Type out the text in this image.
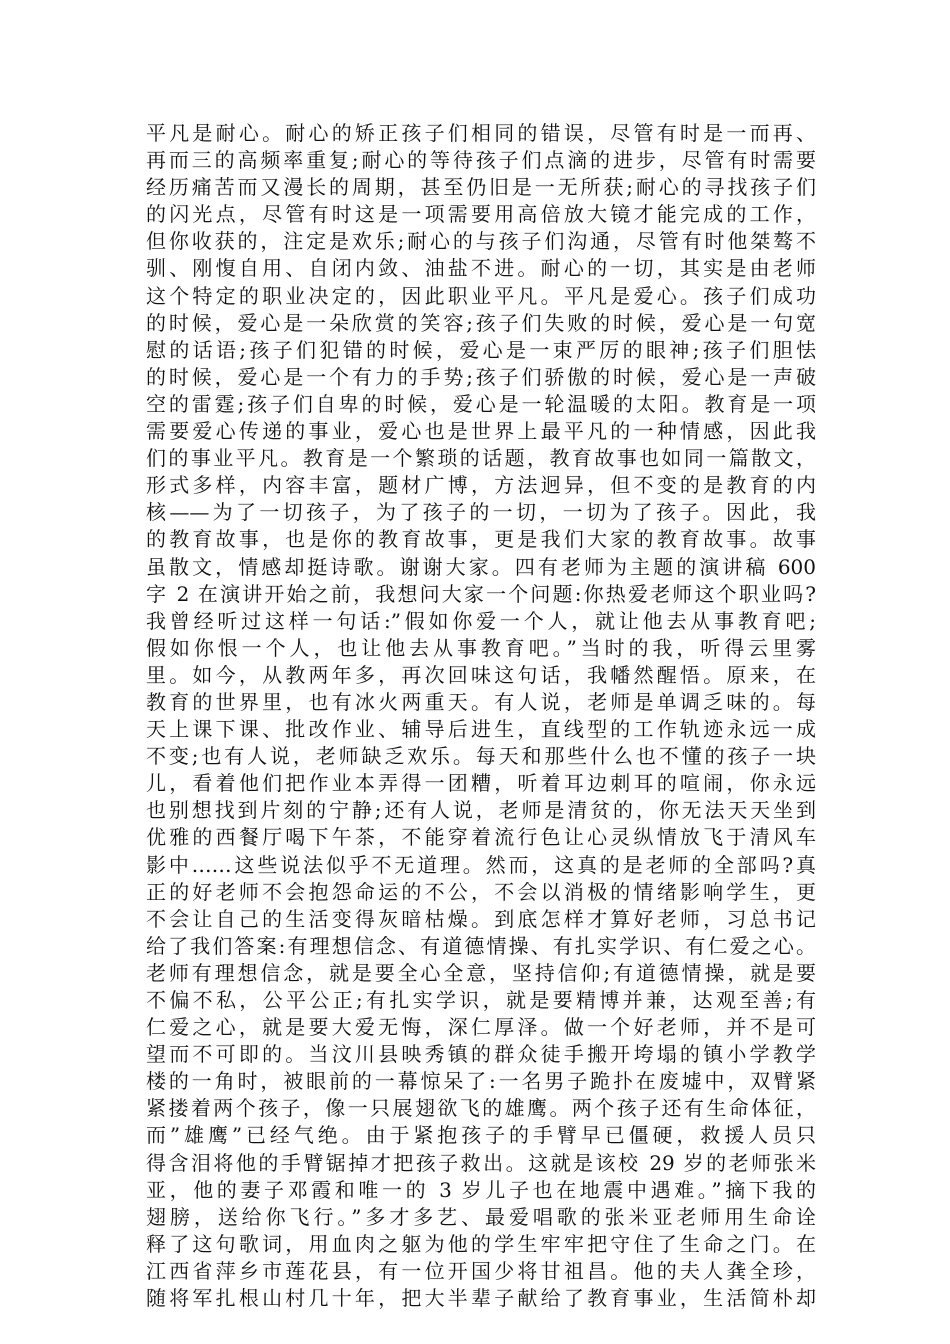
平凡是耐心。耐心的矫正孩子们相同的错误，尽管有时是一而再、
再而三的高频率重复;耐心的等待孩子们点滴的进步，尽管有时需要
经历痛苦而又漫长的周期，甚至仍旧是一无所获;耐心的寻找孩子们
的闪光点，尽管有时这是一项需要用高倍放大镜才能完成的工作，
但你收获的，注定是欢乐;耐心的与孩子们沟通，尽管有时他桀骜不
驯、刚愎自用、自闭内敛、油盐不进。耐心的一切，其实是由老师
这个特定的职业决定的，因此职业平凡。平凡是爱心。孩子们成功
的时候，爱心是一朵欣赏的笑容;孩子们失败的时候，爱心是一句宽
慰的话语;孩子们犯错的时候，爱心是一束严厉的眼神;孩子们胆怯
的时候，爱心是一个有力的手势;孩子们骄傲的时候，爱心是一声破
空的雷霆;孩子们自卑的时候，爱心是一轮温暖的太阳。教育是一项
需要爱心传递的事业，爱心也是世界上最平凡的一种情感，因此我
们的事业平凡。教育是一个繁琐的话题，教育故事也如同一篇散文，
形式多样，内容丰富，题材广博，方法迥异，但不变的是教育的内
核——为了一切孩子，为了孩子的一切，一切为了孩子。因此，我
的教育故事，也是你的教育故事，更是我们大家的教育故事。故事
虽散文，情感却挺诗歌。谢谢大家。四有老师为主题的演讲稿 600
字 2 在演讲开始之前，我想问大家一个问题:你热爱老师这个职业吗?
我曾经听过这样一句话:”假如你爱一个人，就让他去从事教育吧;
假如你恨一个人，也让他去从事教育吧。”当时的我，听得云里雾
里。如今，从教两年多，再次回味这句话，我幡然醒悟。原来，在
教育的世界里，也有冰火两重天。有人说，老师是单调乏味的。每
天上课下课、批改作业、辅导后进生，直线型的工作轨迹永远一成
不变;也有人说，老师缺乏欢乐。每天和那些什么也不懂的孩子一块
儿，看着他们把作业本弄得一团糟，听着耳边刺耳的喧闹，你永远
也别想找到片刻的宁静;还有人说，老师是清贫的，你无法天天坐到
优雅的西餐厅喝下午茶，不能穿着流行色让心灵纵情放飞于清风车
影中……这些说法似乎不无道理。然而，这真的是老师的全部吗?真
正的好老师不会抱怨命运的不公，不会以消极的情绪影响学生，更
不会让自己的生活变得灰暗枯燥。到底怎样才算好老师，习总书记
给了我们答案:有理想信念、有道德情操、有扎实学识、有仁爱之心。
老师有理想信念，就是要全心全意，坚持信仰;有道德情操，就是要
不偏不私，公平公正;有扎实学识，就是要精博并兼，达观至善;有
仁爱之心，就是要大爱无悔，深仁厚泽。做一个好老师，并不是可
望而不可即的。当汶川县映秀镇的群众徒手搬开垮塌的镇小学教学
楼的一角时，被眼前的一幕惊呆了:一名男子跪扑在废墟中，双臂紧
紧搂着两个孩子，像一只展翅欲飞的雄鹰。两个孩子还有生命体征，
而”雄鹰”已经气绝。由于紧抱孩子的手臂早已僵硬，救援人员只
得含泪将他的手臂锯掉才把孩子救出。这就是该校 29 岁的老师张米
亚，他的妻子邓霞和唯一的 3 岁儿子也在地震中遇难。”摘下我的
翅膀，送给你飞行。”多才多艺、最爱唱歌的张米亚老师用生命诠
释了这句歌词，用血肉之躯为他的学生牢牢把守住了生命之门。在
江西省萍乡市莲花县，有一位开国少将甘祖昌。他的夫人龚全珍，
随将军扎根山村几十年，把大半辈子献给了教育事业，生活简朴却
